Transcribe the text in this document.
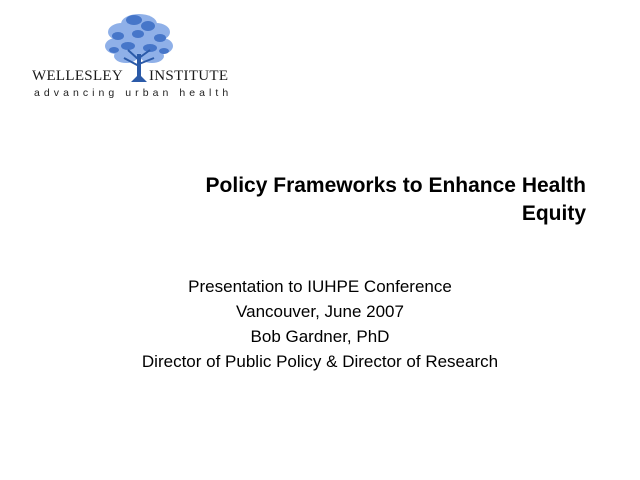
WELLESLEY INSTITUTE
advancing urban health
Policy Frameworks to Enhance Health
Equity
Presentation to IUHPE Conference
Vancouver, June 2007
Bob Gardner, PhD
Director of Public Policy & Director of Research
